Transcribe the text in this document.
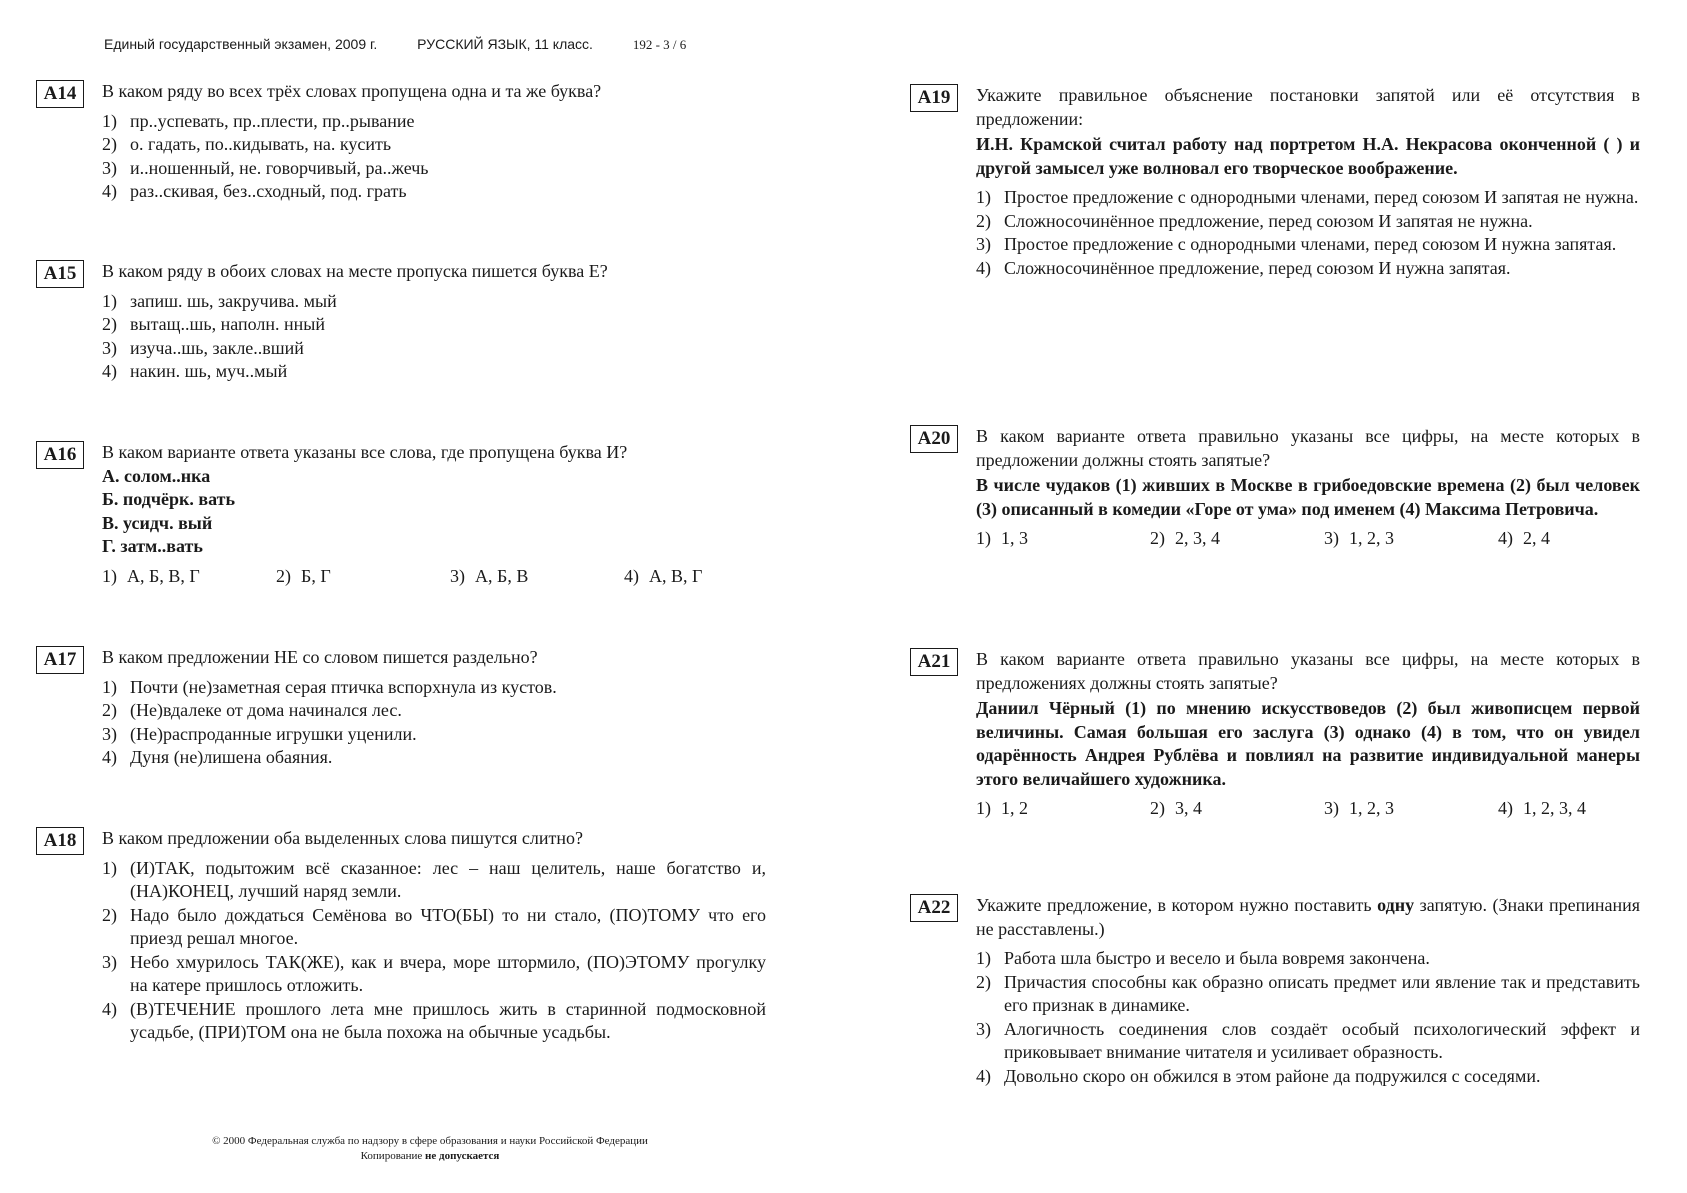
Единый государственный экзамен, 2009 г.	РУССКИЙ ЯЗЫК, 11 класс.	192 - 3 / 6
A14	В каком ряду во всех трёх словах пропущена одна и та же буква?

1) пр..успевать, пр..плести, пр..рывание
2) о. гадать, по..кидывать, на. кусить
3) и..ношенный, не. говорчивый, ра..жечь
4) раз..скивая, без..сходный, под. грать
A15	В каком ряду в обоих словах на месте пропуска пишется буква Е?

1) запиш. шь, закручива. мый
2) вытащ..шь, наполн. нный
3) изуча..шь, закле..вший
4) накин. шь, муч..мый
A16	В каком варианте ответа указаны все слова, где пропущена буква И?

А. солом..нка
Б. подчёрк. вать
В. усидч. вый
Г. затм..вать
1) А, Б, В, Г	2) Б, Г	3) А, Б, В	4) А, В, Г
A17	В каком предложении НЕ со словом пишется раздельно?

1) Почти (не)заметная серая птичка вспорхнула из кустов.
2) (Не)вдалеке от дома начинался лес.
3) (Не)распроданные игрушки уценили.
4) Дуня (не)лишена обаяния.
A18	В каком предложении оба выделенных слова пишутся слитно?

1) (И)ТАК, подытожим всё сказанное: лес – наш целитель, наше богатство и, (НА)КОНЕЦ, лучший наряд земли.
2) Надо было дождаться Семёнова во ЧТО(БЫ) то ни стало, (ПО)ТОМУ что его приезд решал многое.
3) Небо хмурилось ТАК(ЖЕ), как и вчера, море штормило, (ПО)ЭТОМУ прогулку на катере пришлось отложить.
4) (В)ТЕЧЕНИЕ прошлого лета мне пришлось жить в старинной подмосковной усадьбе, (ПРИ)ТОМ она не была похожа на обычные усадьбы.
A19	Укажите правильное объяснение постановки запятой или её отсутствия в предложении:

И.Н. Крамской считал работу над портретом Н.А. Некрасова оконченной ( ) и другой замысел уже волновал его творческое воображение.

1) Простое предложение с однородными членами, перед союзом И запятая не нужна.
2) Сложносочинённое предложение, перед союзом И запятая не нужна.
3) Простое предложение с однородными членами, перед союзом И нужна запятая.
4) Сложносочинённое предложение, перед союзом И нужна запятая.
A20	В каком варианте ответа правильно указаны все цифры, на месте которых в предложении должны стоять запятые?

В числе чудаков (1) живших в Москве в грибоедовские времена (2) был человек (3) описанный в комедии «Горе от ума» под именем (4) Максима Петровича.

1) 1, 3	2) 2, 3, 4	3) 1, 2, 3	4) 2, 4
A21	В каком варианте ответа правильно указаны все цифры, на месте которых в предложениях должны стоять запятые?

Даниил Чёрный (1) по мнению искусствоведов (2) был живописцем первой величины. Самая большая его заслуга (3) однако (4) в том, что он увидел одарённость Андрея Рублёва и повлиял на развитие индивидуальной манеры этого величайшего художника.

1) 1, 2	2) 3, 4	3) 1, 2, 3	4) 1, 2, 3, 4
A22	Укажите предложение, в котором нужно поставить одну запятую. (Знаки препинания не расставлены.)

1) Работа шла быстро и весело и была вовремя закончена.
2) Причастия способны как образно описать предмет или явление так и представить его признак в динамике.
3) Алогичность соединения слов создаёт особый психологический эффект и приковывает внимание читателя и усиливает образность.
4) Довольно скоро он обжился в этом районе да подружился с соседями.
© 2000 Федеральная служба по надзору в сфере образования и науки Российской Федерации
Копирование не допускается
